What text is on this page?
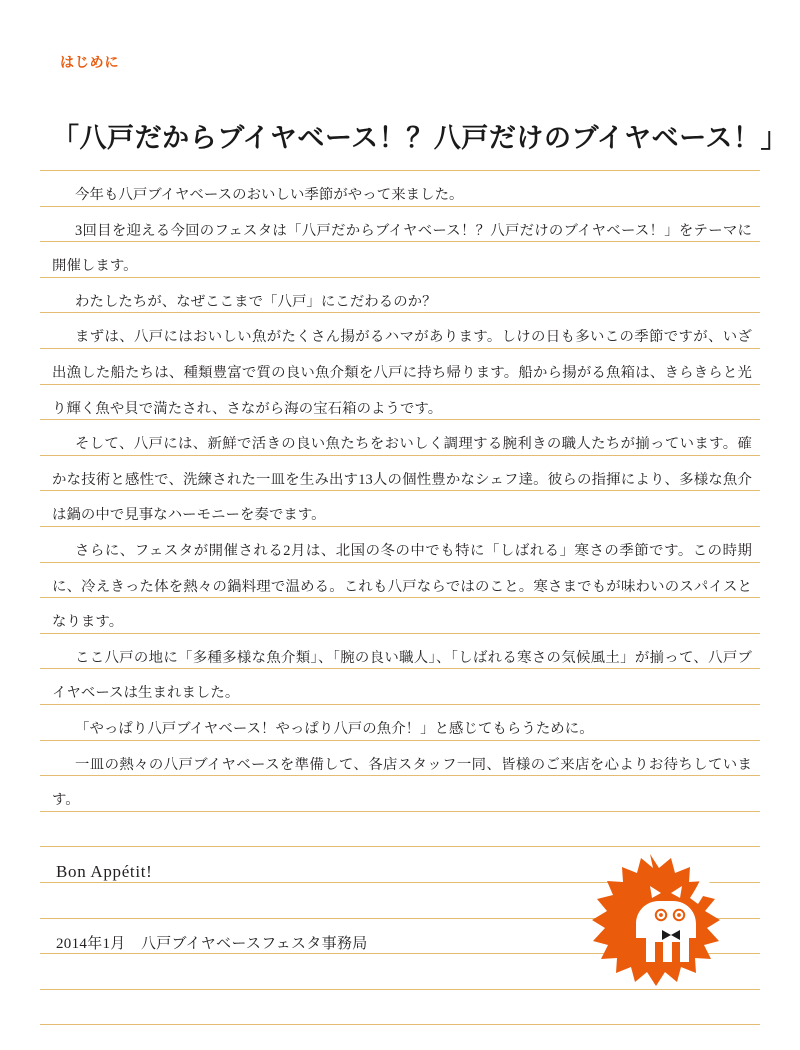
はじめに
「八戸だからブイヤベース！？八戸だけのブイヤベース！」

今年も八戸ブイヤベースのおいしい季節がやって来ました。

3回目を迎える今回のフェスタは「八戸だからブイヤベース！？八戸だけのブイヤベース！」をテーマに開催します。

わたしたちが、なぜここまで「八戸」にこだわるのか？

まずは、八戸にはおいしい魚がたくさん揚がるハマがあります。しけの日も多いこの季節ですが、いざ出漁した船たちは、種類豊富で質の良い魚介類を八戸に持ち帰ります。船から揚がる魚箱は、きらきらと光り輝く魚や貝で満たされ、さながら海の宝石箱のようです。

そして、八戸には、新鮮で活きの良い魚たちをおいしく調理する腕利きの職人たちが揃っています。確かな技術と感性で、洗練された一皿を生み出す13人の個性豊かなシェフ達。彼らの指揮により、多様な魚介は鍋の中で見事なハーモニーを奏でます。

さらに、フェスタが開催される2月は、北国の冬の中でも特に「しばれる」寒さの季節です。この時期に、冷えきった体を熱々の鍋料理で温める。これも八戸ならではのこと。寒さまでもが味わいのスパイスとなります。

ここ八戸の地に「多種多様な魚介類」、「腕の良い職人」、「しばれる寒さの気候風土」が揃って、八戸ブイヤベースは生まれました。

「やっぱり八戸ブイヤベース！やっぱり八戸の魚介！」と感じてもらうために。

一皿の熱々の八戸ブイヤベースを準備して、各店スタッフ一同、皆様のご来店を心よりお待ちしています。

Bon Appétit!
2014年1月　八戸ブイヤベースフェスタ事務局
